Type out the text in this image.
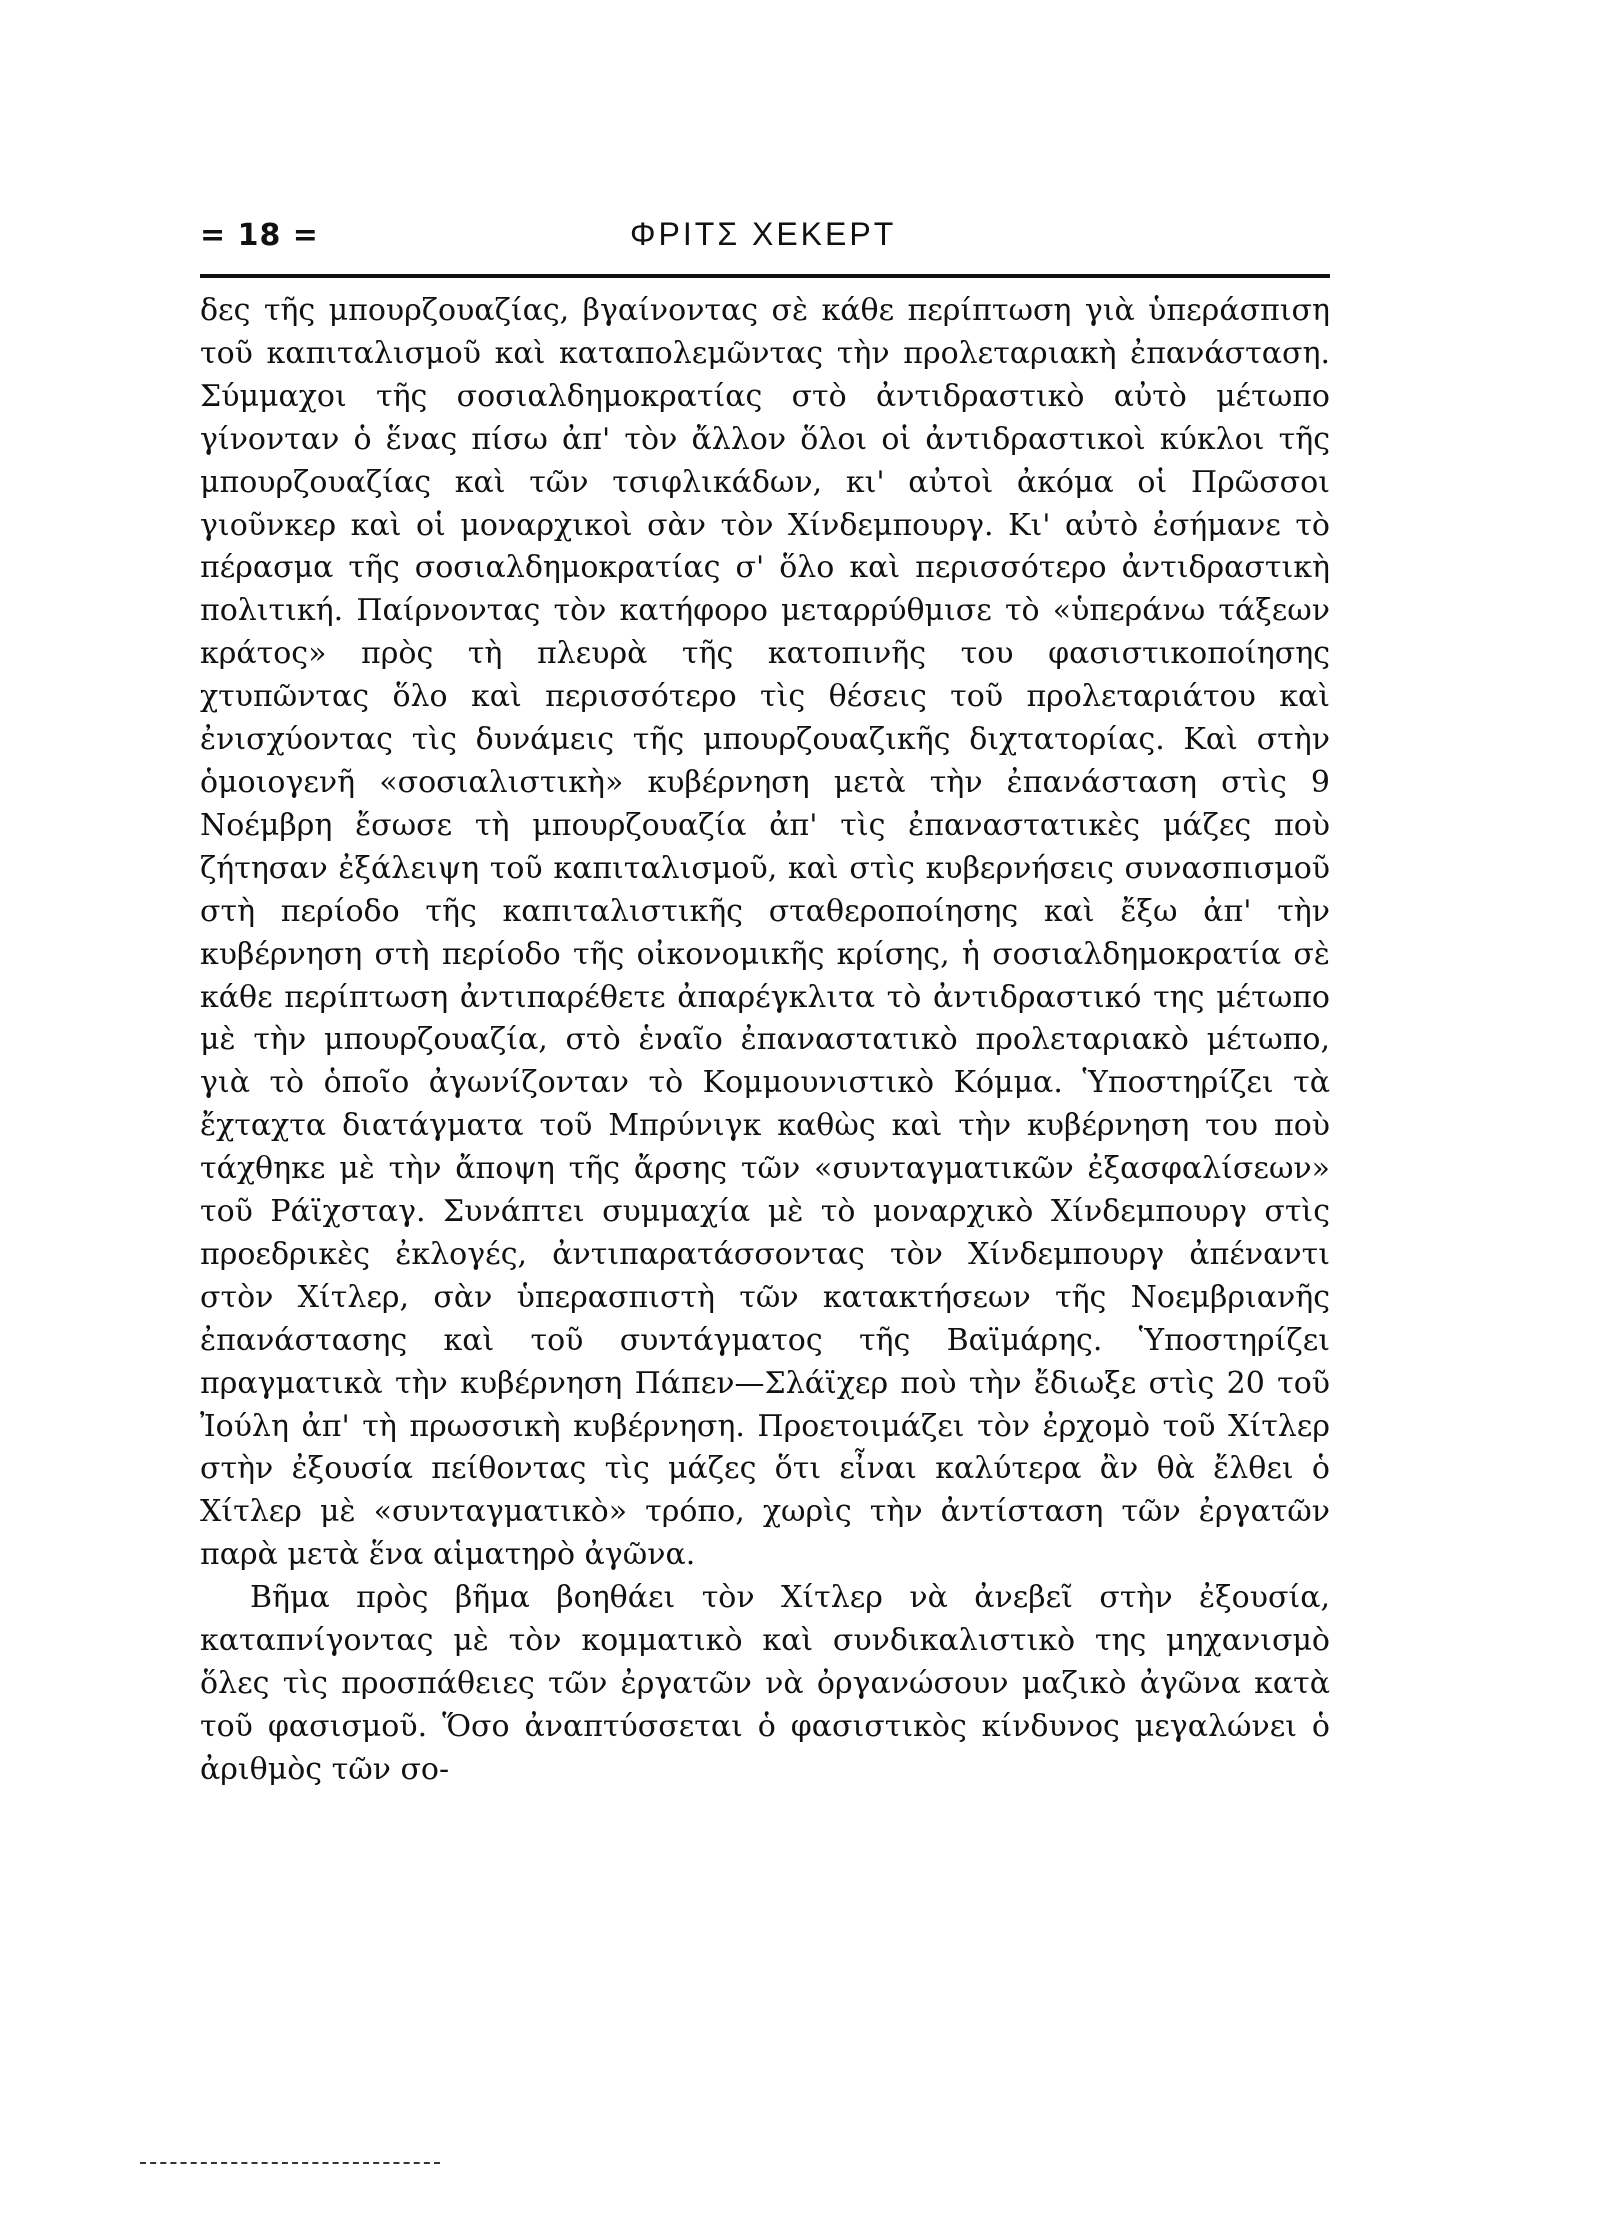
= 18 =	ΦΡΙΤΣ ΧΕΚΕΡΤ

δες τῆς μπουρζουαζίας, βγαίνοντας σὲ κάθε περίπτωση γιὰ ὑπεράσπιση τοῦ καπιταλισμοῦ καὶ καταπολεμῶντας τὴν προλεταριακὴ ἐπανάσταση. Σύμμαχοι τῆς σοσιαλδημοκρατίας στὸ ἀντιδραστικὸ αὐτὸ μέτωπο γίνονταν ὁ ἕνας πίσω ἀπ' τὸν ἄλλον ὅλοι οἱ ἀντιδραστικοὶ κύκλοι τῆς μπουρζουαζίας καὶ τῶν τσιφλικάδων, κι' αὐτοὶ ἀκόμα οἱ Πρῶσσοι γιοῦνκερ καὶ οἱ μοναρχικοὶ σὰν τὸν Χίνδεμπουργ. Κι' αὐτὸ ἐσήμανε τὸ πέρασμα τῆς σοσιαλδημοκρατίας σ' ὅλο καὶ περισσότερο ἀντιδραστικὴ πολιτική. Παίρνοντας τὸν κατήφορο μεταρρύθμισε τὸ «ὑπεράνω τάξεων κράτος» πρὸς τὴ πλευρὰ τῆς κατοπινῆς του φασιστικοποίησης χτυπῶντας ὅλο καὶ περισσότερο τὶς θέσεις τοῦ προλεταριάτου καὶ ἐνισχύοντας τὶς δυνάμεις τῆς μπουρζουαζικῆς διχτατορίας. Καὶ στὴν ὁμοιογενῆ «σοσιαλιστικὴ» κυβέρνηση μετὰ τὴν ἐπανάσταση στὶς 9 Νοέμβρη ἔσωσε τὴ μπουρζουαζία ἀπ' τὶς ἐπαναστατικὲς μάζες ποὺ ζήτησαν ἐξάλειψη τοῦ καπιταλισμοῦ, καὶ στὶς κυβερνήσεις συνασπισμοῦ στὴ περίοδο τῆς καπιταλιστικῆς σταθεροποίησης καὶ ἔξω ἀπ' τὴν κυβέρνηση στὴ περίοδο τῆς οἰκονομικῆς κρίσης, ἡ σοσιαλδημοκρατία σὲ κάθε περίπτωση ἀντιπαρέθετε ἀπαρέγκλιτα τὸ ἀντιδραστικό της μέτωπο μὲ τὴν μπουρζουαζία, στὸ ἑναῖο ἐπαναστατικὸ προλεταριακὸ μέτωπο, γιὰ τὸ ὁποῖο ἀγωνίζονταν τὸ Κομμουνιστικὸ Κόμμα. Ὑποστηρίζει τὰ ἔχταχτα διατάγματα τοῦ Μπρύνιγκ καθὼς καὶ τὴν κυβέρνηση του ποὺ τάχθηκε μὲ τὴν ἄποψη τῆς ἄρσης τῶν «συνταγματικῶν ἐξασφαλίσεων» τοῦ Ράϊχσταγ. Συνάπτει συμμαχία μὲ τὸ μοναρχικὸ Χίνδεμπουργ στὶς προεδρικὲς ἐκλογές, ἀντιπαρατάσσοντας τὸν Χίνδεμπουργ ἀπέναντι στὸν Χίτλερ, σὰν ὑπερασπιστὴ τῶν κατακτήσεων τῆς Νοεμβριανῆς ἐπανάστασης καὶ τοῦ συντάγματος τῆς Βαϊμάρης. Ὑποστηρίζει πραγματικὰ τὴν κυβέρνηση Πάπεν—Σλάϊχερ ποὺ τὴν ἔδιωξε στὶς 20 τοῦ Ἰούλη ἀπ' τὴ πρωσσικὴ κυβέρνηση. Προετοιμάζει τὸν ἐρχομὸ τοῦ Χίτλερ στὴν ἐξουσία πείθοντας τὶς μάζες ὅτι εἶναι καλύτερα ἂν θὰ ἔλθει ὁ Χίτλερ μὲ «συνταγματικὸ» τρόπο, χωρὶς τὴν ἀντίσταση τῶν ἐργατῶν παρὰ μετὰ ἕνα αἱματηρὸ ἀγῶνα.

Βῆμα πρὸς βῆμα βοηθάει τὸν Χίτλερ νὰ ἀνεβεῖ στὴν ἐξουσία, καταπνίγοντας μὲ τὸν κομματικὸ καὶ συνδικαλιστικὸ της μηχανισμὸ ὅλες τὶς προσπάθειες τῶν ἐργατῶν νὰ ὀργανώσουν μαζικὸ ἀγῶνα κατὰ τοῦ φασισμοῦ. Ὅσο ἀναπτύσσεται ὁ φασιστικὸς κίνδυνος μεγαλώνει ὁ ἀριθμὸς τῶν σο-
